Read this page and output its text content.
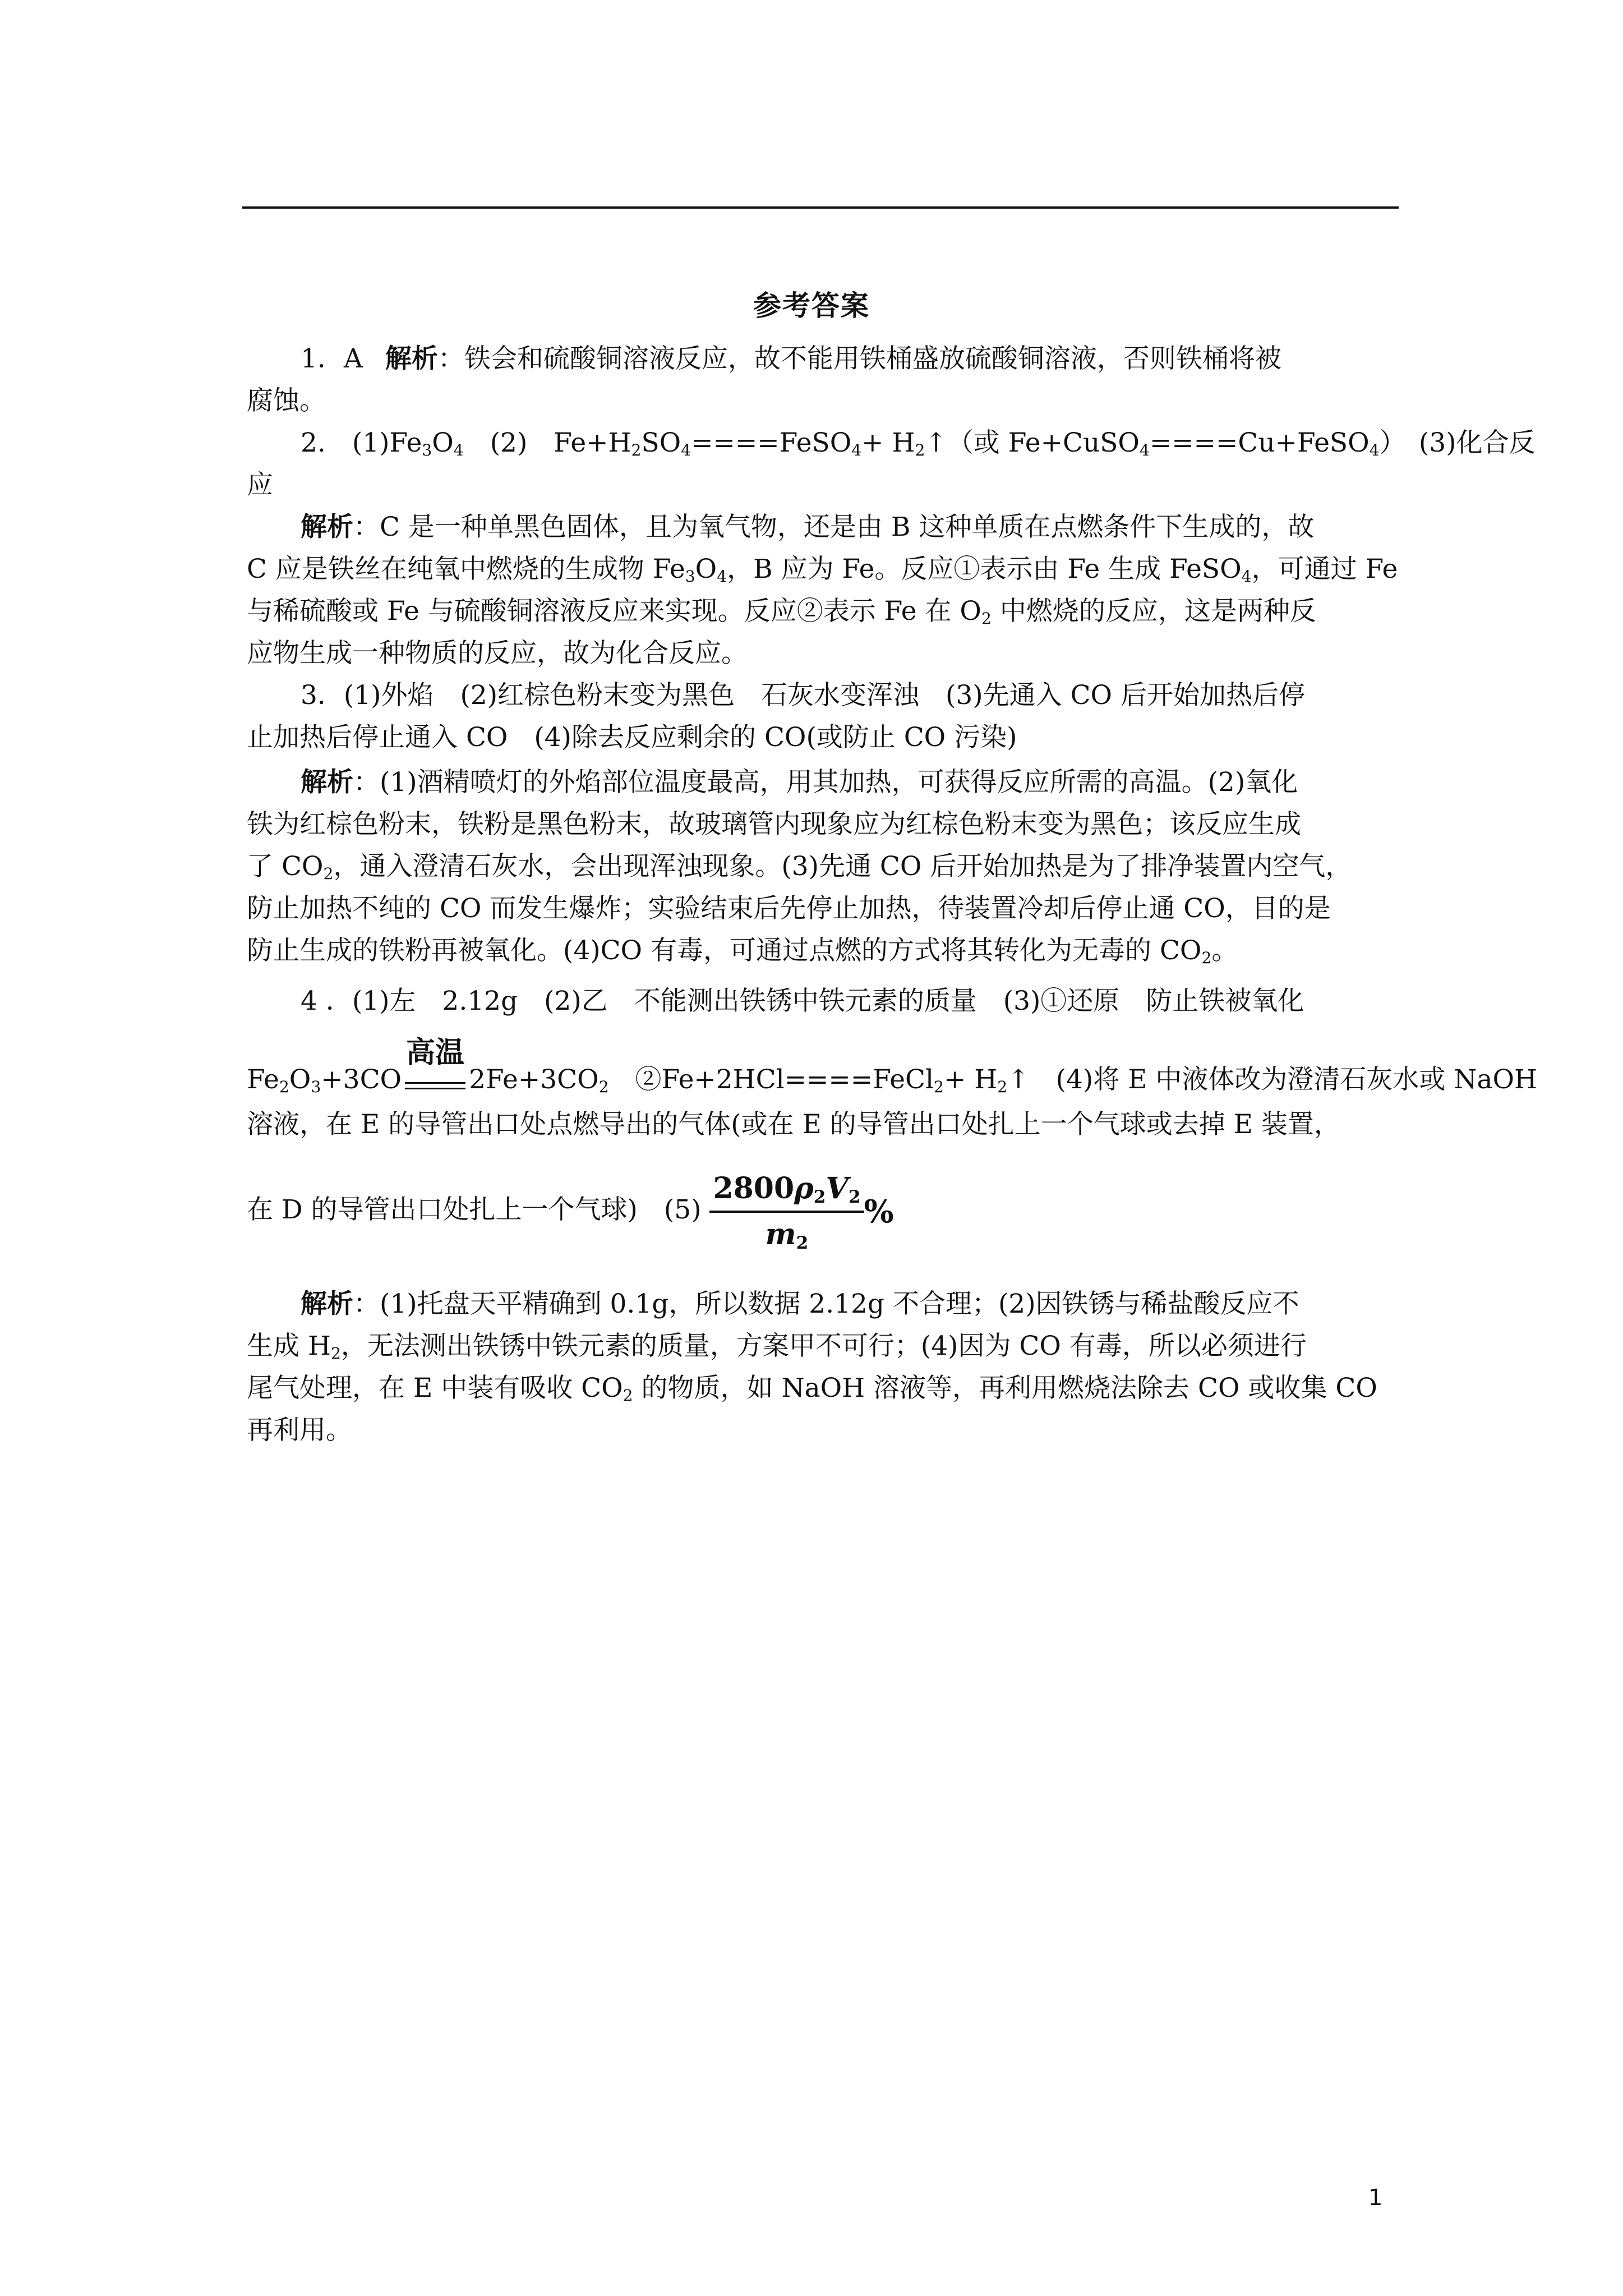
参考答案
1．A 解析：铁会和硫酸铜溶液反应，故不能用铁桶盛放硫酸铜溶液，否则铁桶将被
腐蚀。
2.　$(1)Fe_3O_4$　(2)　$Fe+H_2SO_4====FeSO_4+$ $H_2↑$（或 Fe+CuSO$_4$====Cu+FeSO$_4$）　(3)化合反
应
解析：C 是一种单黑色固体，且为氧气物，还是由 B 这种单质在点燃条件下生成的，故
C 应是铁丝在纯氧中燃烧的生成物 $Fe_3O_4$，B 应为 Fe。反应①表示由 Fe 生成 FeSO$_4$，可通过 Fe
与稀硫酸或 Fe 与硫酸铜溶液反应来实现。反应②表示 Fe 在 $O_2$ 中燃烧的反应，这是两种反
应物生成一种物质的反应，故为化合反应。
3．(1)外焰　(2)红棕色粉末变为黑色　石灰水变浑浊　(3)先通入 CO 后开始加热后停
止加热后停止通入 CO　(4)除去反应剩余的 CO(或防止 CO 污染)
解析：(1)酒精喷灯的外焰部位温度最高，用其加热，可获得反应所需的高温。(2)氧化
铁为红棕色粉末，铁粉是黑色粉末，故玻璃管内现象应为红棕色粉末变为黑色；该反应生成
了 $CO_2$，通入澄清石灰水，会出现浑浊现象。(3)先通 CO 后开始加热是为了排净装置内空气，
防止加热不纯的 CO 而发生爆炸；实验结束后先停止加热，待装置冷却后停止通 CO，目的是
防止生成的铁粉再被氧化。(4)CO 有毒，可通过点燃的方式将其转化为无毒的 $CO_2$。
4 ．(1)左　2.12g　(2)乙　不能测出铁锈中铁元素的质量　(3)①还原　防止铁被氧化
$Fe_2O_3+3CO$
高温
$2Fe+3CO_2$　②Fe+2HCl====FeCl$_2$+ $H_2↑$　(4)将 E 中液体改为澄清石灰水或 NaOH
溶液，在 E 的导管出口处点燃导出的气体(或在 E 的导管出口处扎上一个气球或去掉 E 装置，
在 D 的导管出口处扎上一个气球)　$(5) \frac{2800\rho_2V_2}{m_2}$ %
解析：(1)托盘天平精确到 0.1g，所以数据 2.12g 不合理；(2)因铁锈与稀盐酸反应不
生成 $H_2$，无法测出铁锈中铁元素的质量，方案甲不可行；(4)因为 CO 有毒，所以必须进行
尾气处理，在 E 中装有吸收 $CO_2$ 的物质，如 NaOH 溶液等，再利用燃烧法除去 CO 或收集 CO
再利用。
1
